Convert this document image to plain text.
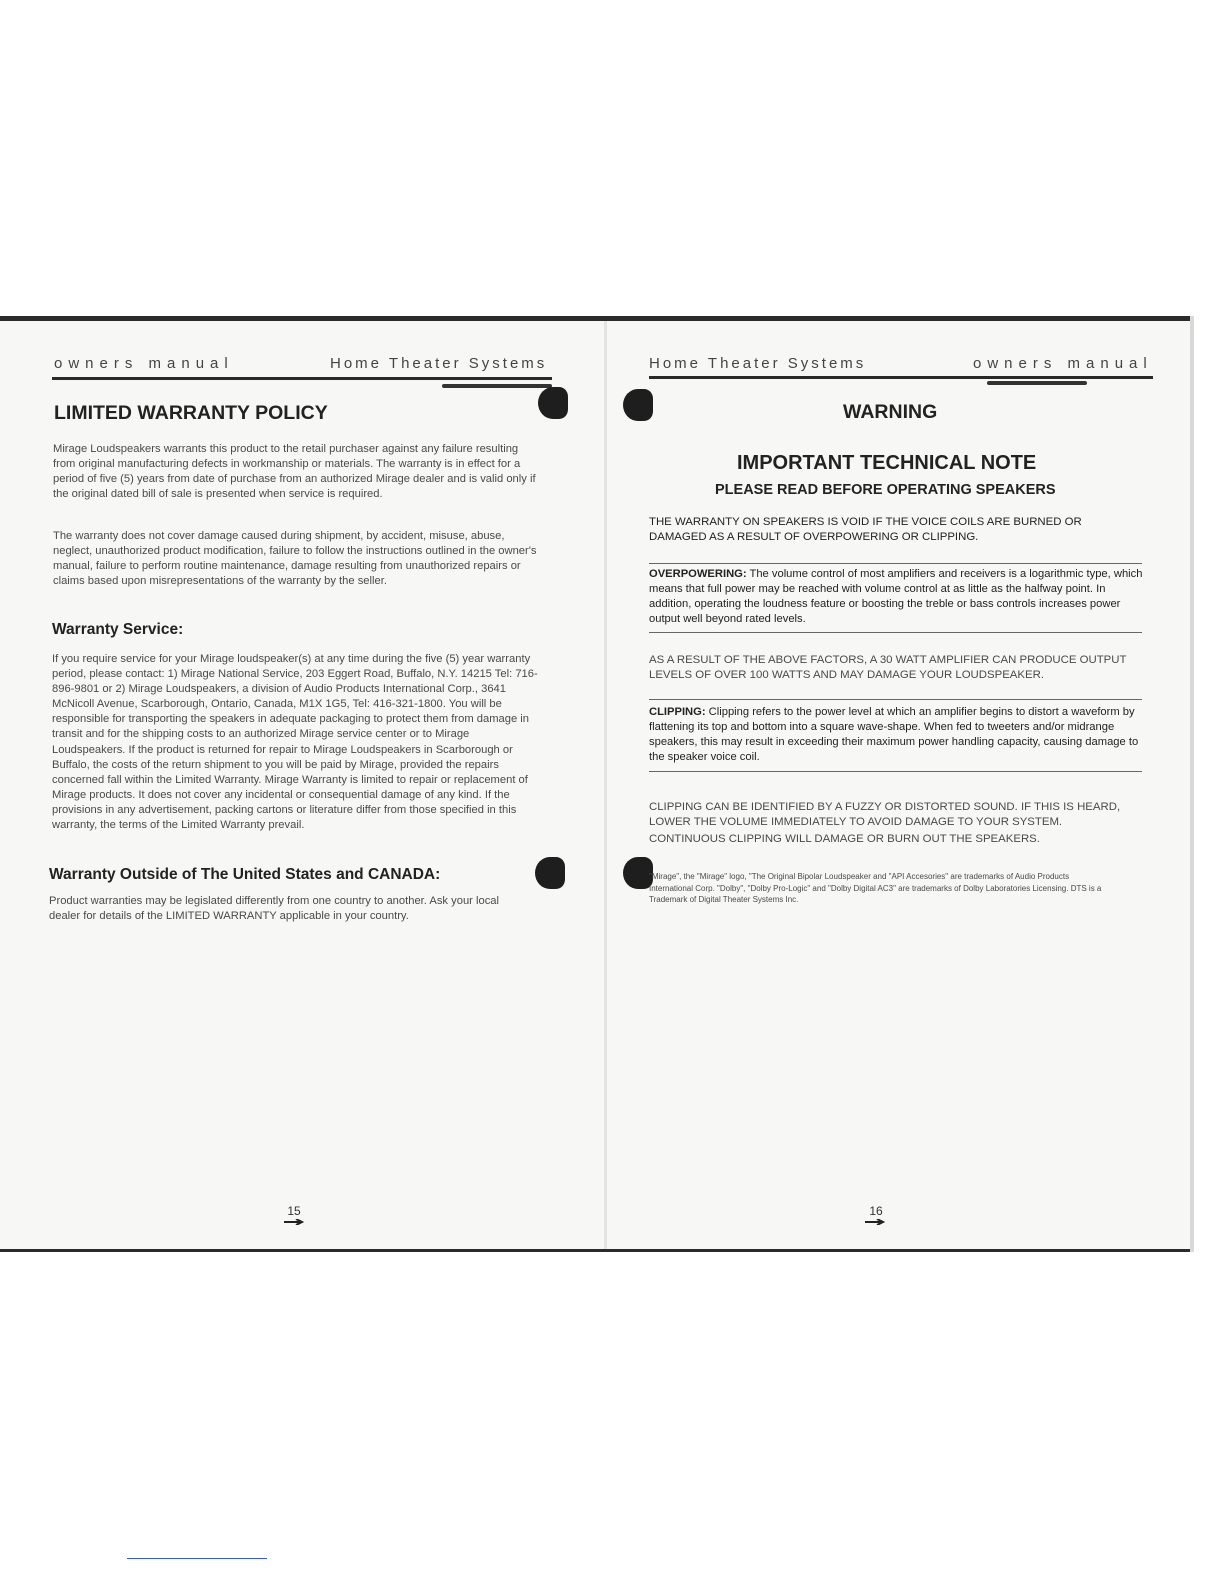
owners manual	Home Theater Systems
LIMITED WARRANTY POLICY

Mirage Loudspeakers warrants this product to the retail purchaser against any failure resulting from original manufacturing defects in workmanship or materials. The warranty is in effect for a period of five (5) years from date of purchase from an authorized Mirage dealer and is valid only if the original dated bill of sale is presented when service is required.

The warranty does not cover damage caused during shipment, by accident, misuse, abuse, neglect, unauthorized product modification, failure to follow the instructions outlined in the owner's manual, failure to perform routine maintenance, damage resulting from unauthorized repairs or claims based upon misrepresentations of the warranty by the seller.

Warranty Service:

If you require service for your Mirage loudspeaker(s) at any time during the five (5) year warranty period, please contact: 1) Mirage National Service, 203 Eggert Road, Buffalo, N.Y. 14215 Tel: 716-896-9801 or 2) Mirage Loudspeakers, a division of Audio Products International Corp., 3641 McNicoll Avenue, Scarborough, Ontario, Canada, M1X 1G5, Tel: 416-321-1800. You will be responsible for transporting the speakers in adequate packaging to protect them from damage in transit and for the shipping costs to an authorized Mirage service center or to Mirage Loudspeakers. If the product is returned for repair to Mirage Loudspeakers in Scarborough or Buffalo, the costs of the return shipment to you will be paid by Mirage, provided the repairs concerned fall within the Limited Warranty. Mirage Warranty is limited to repair or replacement of Mirage products. It does not cover any incidental or consequential damage of any kind. If the provisions in any advertisement, packing cartons or literature differ from those specified in this warranty, the terms of the Limited Warranty prevail.

Warranty Outside of The United States and CANADA:

Product warranties may be legislated differently from one country to another. Ask your local dealer for details of the LIMITED WARRANTY applicable in your country.

15
Home Theater Systems	owners manual
WARNING
IMPORTANT TECHNICAL NOTE
PLEASE READ BEFORE OPERATING SPEAKERS

THE WARRANTY ON SPEAKERS IS VOID IF THE VOICE COILS ARE BURNED OR DAMAGED AS A RESULT OF OVERPOWERING OR CLIPPING.

OVERPOWERING: The volume control of most amplifiers and receivers is a logarithmic type, which means that full power may be reached with volume control at as little as the halfway point. In addition, operating the loudness feature or boosting the treble or bass controls increases power output well beyond rated levels.

AS A RESULT OF THE ABOVE FACTORS, A 30 WATT AMPLIFIER CAN PRODUCE OUTPUT LEVELS OF OVER 100 WATTS AND MAY DAMAGE YOUR LOUDSPEAKER.

CLIPPING: Clipping refers to the power level at which an amplifier begins to distort a waveform by flattening its top and bottom into a square wave-shape. When fed to tweeters and/or midrange speakers, this may result in exceeding their maximum power handling capacity, causing damage to the speaker voice coil.

CLIPPING CAN BE IDENTIFIED BY A FUZZY OR DISTORTED SOUND. IF THIS IS HEARD, LOWER THE VOLUME IMMEDIATELY TO AVOID DAMAGE TO YOUR SYSTEM.

CONTINUOUS CLIPPING WILL DAMAGE OR BURN OUT THE SPEAKERS.

"Mirage", the "Mirage" logo, "The Original Bipolar Loudspeaker and "API Accesories" are trademarks of Audio Products International Corp. "Dolby", "Dolby Pro-Logic" and "Dolby Digital AC3" are trademarks of Dolby Laboratories Licensing. DTS is a Trademark of Digital Theater Systems Inc.

16
